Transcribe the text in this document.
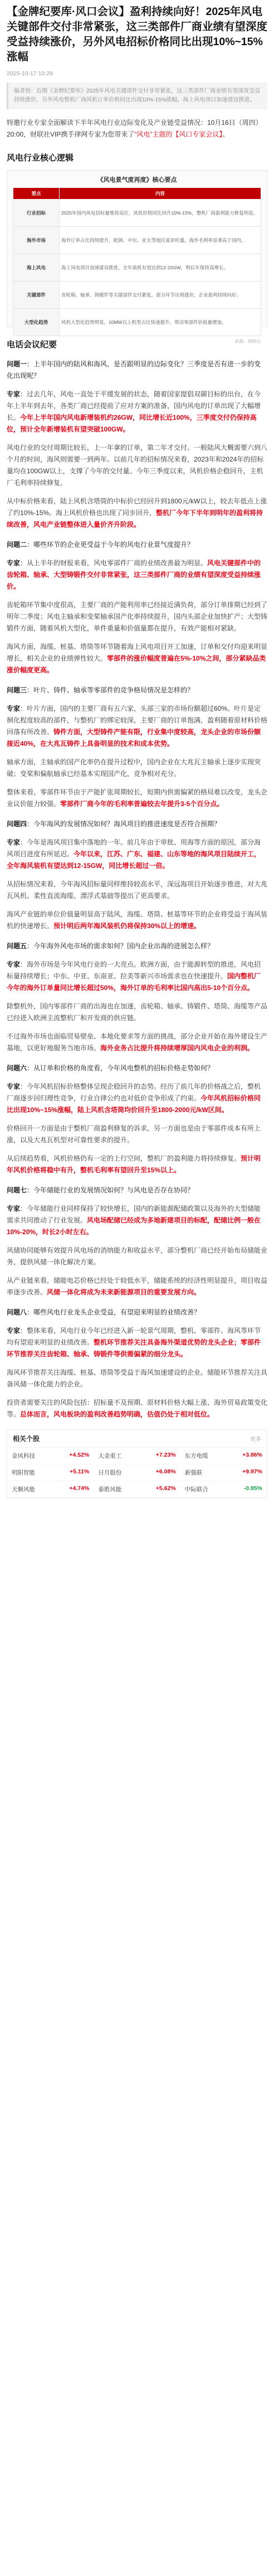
【金牌纪要库·风口会议】盈利持续向好！2025年风电关键部件交付非常紧张，这三类部件厂商业绩有望深度受益持续涨价，另外风电招标价格同比出现10%~15%涨幅
2025-10-17 10:29
编者按：近期《金牌纪要库》2025年风电关键部件交付非常紧张，这三类部件厂商业绩有望深度受益持续涨价，另外风电整机厂商风机订单价格同比出现10%-15%涨幅，海上风电项目加速建设推进。

特邀行业专家全面解读下半年风电行业边际变化及产业链受益情况：10月16日（周四）20:00，财联社VIP携手律网专家为您带来了“风电”主题的【风口专家会议】。

风电行业核心逻辑
《风电景气度再度》核心要点
要点	内容
行业招标	2025年国内风电招标量维持高位，风机价格同比回升10%-15%，整机厂商盈利能力修复明显。
海外市场	海外订单占比持续提升，欧洲、中东、亚太等地区需求旺盛，海外毛利率显著高于国内。
海上风电	海上风电项目加速建设推进，全年装机有望达到12-15GW，明后年保持高增长。
关键部件	齿轮箱、轴承、铸锻件等关键部件交付紧张，部分环节出现涨价，企业盈利持续向好。
大型化趋势	风机大型化趋势明显，10MW以上机型占比快速提升，带动零部件价值量增加。
来源：财联社
电话会议纪要

问题一：上半年国内的陆风和海风，是否跟明显的边际变化？三季度是否有进一步的变化出现呢？

专家：过去几年，风电一直处于平缓发展的状态，随着国家提倡双碳目标的出台，在今年上半年到去年，各类厂商已经提前了应对方案的准备，国内风电的订单出现了大幅增长。今年上半年国内风电新增装机约26GW，同比增长近100%，三季度交付仍保持高位，预计全年新增装机有望突破100GW。

风电行业的交付周期比较长，上一年拿的订单，第二年才交付。一般陆风大概需要六到八个月的时间，海风则需要一到两年。以前几年的招标情况来看，2023年和2024年的招标量均在100GW以上，支撑了今年的交付量。今年三季度以来，风机价格企稳回升，主机厂毛利率持续修复。

从中标价格来看，陆上风机含塔筒的中标价已经回升到1800元/kW以上，较去年低点上涨了约10%-15%。海上风机价格也出现了同步回升，整机厂今年下半年到明年的盈利将持续改善，风电产业链整体进入量价齐升阶段。

问题二：哪些环节的企业更受益于今年的风电行业景气度提升？

专家：从上半年的财报来看，风电零部件厂商的业绩改善最为明显。风电关键部件中的齿轮箱、轴承、大型铸锻件交付非常紧张，这三类部件厂商的业绩有望深度受益持续涨价。

齿轮箱环节集中度很高，主要厂商的产能利用率已经接近满负荷，部分订单排期已经到了明年二季度；风电主轴承和变桨轴承国产化率持续提升，国内头部企业加快扩产；大型铸锻件方面，随着风机大型化，单件重量和价值量都在提升，有效产能相对紧缺。

海风方面，海缆、桩基、塔筒等环节随着海上风电项目开工加速，订单和交付均迎来明显增长，相关企业的业绩弹性较大。零部件的涨价幅度普遍在5%-10%之间，部分紧缺品类涨价幅度更高。

问题三：叶片、铸件、轴承等零部件的竞争格局情况是怎样的？

专家：叶片方面，国内的主要厂商有五六家，头部三家的市场份额超过60%。叶片是定制化程度较高的部件，与整机厂的绑定较深，主要厂商的订单饱满，盈利随着原材料价格回落有所改善。铸件方面，大型铸件产能有限，行业集中度较高，龙头企业的市场份额接近40%，在大兆瓦铸件上具备明显的技术和成本优势。

轴承方面，主轴承的国产化率仍在提升过程中，国内企业在大兆瓦主轴承上逐步实现突破；变桨和偏航轴承已经基本实现国产化，竞争相对充分。

整体来看，零部件环节由于产能扩张周期较长，短期内供需偏紧的格局难以改变，龙头企业议价能力较强。零部件厂商今年的毛利率普遍较去年提升3-5个百分点。

问题四：今年海风的发展情况如何？海风项目的推进速度是否符合预期？

专家：今年是海风项目集中落地的一年。前几年由于审批、用海等方面的原因，部分海风项目进度有所延迟。今年以来，江苏、广东、福建、山东等地的海风项目陆续开工，全年海风装机有望达到12-15GW，同比增长超过一倍。

从招标情况来看，今年海风招标量同样维持较高水平，深远海项目开始逐步推进，对大兆瓦风机、柔性直流海缆、漂浮式基础等提出了更高要求。

海风产业链的单位价值量明显高于陆风，海缆、塔筒、桩基等环节的企业将受益于海风装机的快速增长。预计明后两年海风装机仍将保持30%以上的增速。

问题五：今年海外风电市场的需求如何？国内企业出海的进展怎么样？

专家：海外市场是今年风电行业的一大亮点。欧洲方面，由于能源转型的推进，风电招标量持续增长；中东、中亚、东南亚、拉美等新兴市场需求也在快速提升。国内整机厂今年的海外订单量同比增长超过50%，海外订单的毛利率比国内高出5-10个百分点。

除整机外，国内零部件厂商的出海也在加速，齿轮箱、轴承、铸锻件、塔筒、海缆等产品已经进入欧洲主流整机厂和开发商的供应链。

不过海外市场也面临贸易壁垒、本地化要求等方面的挑战，部分企业开始在海外建设生产基地，以更好地服务当地市场。海外业务占比提升将持续增厚国内风电企业的利润。

问题六：从订单和价格的角度看，今年风电整机的招标价格走势如何？

专家：今年风机招标价格整体呈现企稳回升的态势。经历了前几年的价格战之后，整机厂商逐步回归理性竞争，行业自律公约也对低价竞争形成了约束。今年风机招标价格同比出现10%~15%涨幅，陆上风机含塔筒均价回升至1800-2000元/kW区间。

价格回升一方面是由于整机厂商盈利修复的诉求，另一方面也是由于零部件成本有所上涨，以及大兆瓦机型对可靠性要求的提升。

从后续趋势看，风机价格仍有一定的上行空间，整机厂的盈利能力将持续修复。预计明年风机价格将稳中有升，整机毛利率有望回升至15%以上。

问题七：今年储能行业的发展情况如何？与风电是否存在协同？

专家：今年储能行业同样保持了较快增长，国内的新能源配储政策以及海外的大型储能需求共同推动了行业发展。风电场配储已经成为多地新建项目的标配，配储比例一般在10%-20%，时长2小时左右。

风储协同能够有效提升风电场的消纳能力和收益水平，部分整机厂商已经开始布局储能业务，提供风储一体化解决方案。

从产业链来看，储能电芯价格已经处于较低水平，储能系统的经济性明显提升，项目收益率逐步改善。风储一体化将成为未来新能源项目的重要发展方向。

问题八：哪些风电行业龙头企业受益，有望迎来明显的业绩改善？

专家：整体来看，风电行业今年已经进入新一轮景气周期，整机、零部件、海风等环节均有望迎来明显的业绩改善。整机环节推荐关注具备海外渠道优势的龙头企业；零部件环节推荐关注齿轮箱、轴承、铸锻件等供需偏紧的细分龙头。

海风环节推荐关注海缆、桩基、塔筒等受益于海风加速建设的企业。储能环节推荐关注具备风储一体化能力的企业。

投资者需要关注的风险包括：招标量不及预期、原材料价格大幅上涨、海外贸易政策变化等。总体而言，风电板块的盈利改善趋势明确，估值仍处于相对低位。

相关个股	更多
金风科技	+4.52% 大金重工	+7.23% 东方电缆	+3.86%
明阳智能	+5.11% 日月股份	+6.08% 新强联	+9.97%
天顺风能	+4.74% 泰胜风能	+5.62% 中际联合	-0.85%
